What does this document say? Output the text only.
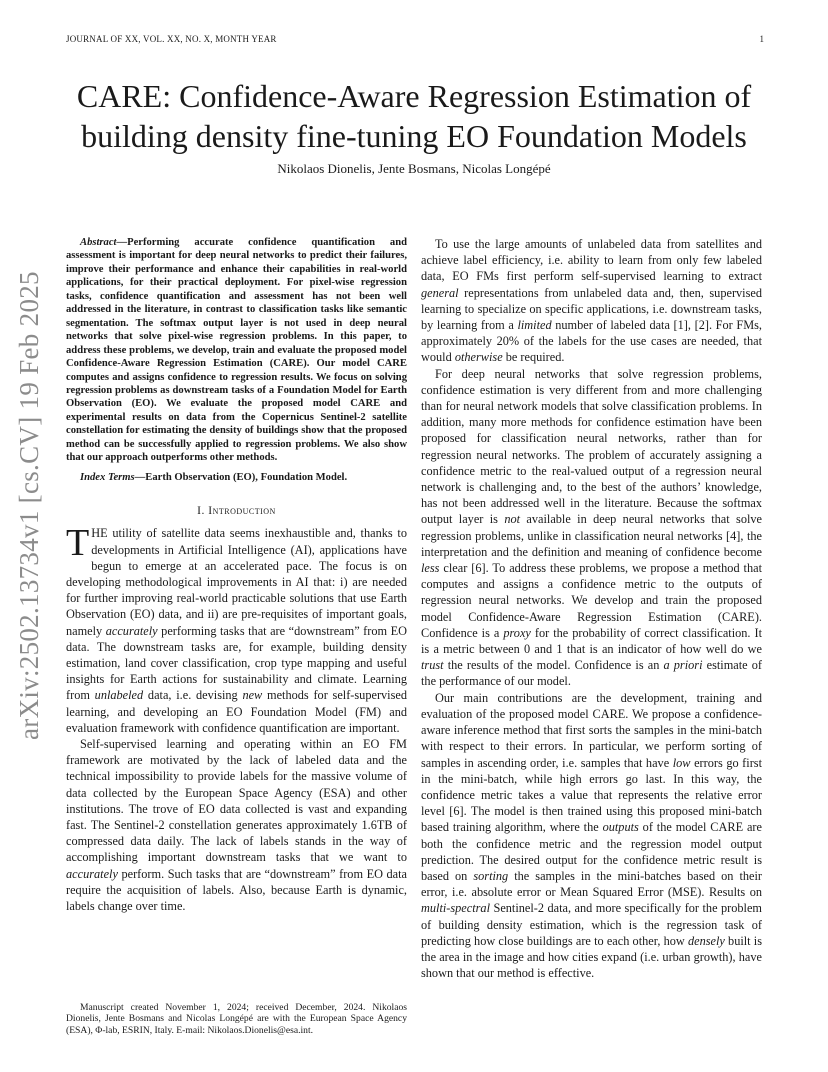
JOURNAL OF XX, VOL. XX, NO. X, MONTH YEAR	1
arXiv:2502.13734v1 [cs.CV] 19 Feb 2025
CARE: Confidence-Aware Regression Estimation of building density fine-tuning EO Foundation Models
Nikolaos Dionelis, Jente Bosmans, Nicolas Longépé

Abstract—Performing accurate confidence quantification and assessment is important for deep neural networks to predict their failures, improve their performance and enhance their capabilities in real-world applications, for their practical deployment. For pixel-wise regression tasks, confidence quantification and assessment has not been well addressed in the literature, in contrast to classification tasks like semantic segmentation. The softmax output layer is not used in deep neural networks that solve pixel-wise regression problems. In this paper, to address these problems, we develop, train and evaluate the proposed model Confidence-Aware Regression Estimation (CARE). Our model CARE computes and assigns confidence to regression results. We focus on solving regression problems as downstream tasks of a Foundation Model for Earth Observation (EO). We evaluate the proposed model CARE and experimental results on data from the Copernicus Sentinel-2 satellite constellation for estimating the density of buildings show that the proposed method can be successfully applied to regression problems. We also show that our approach outperforms other methods.

Index Terms—Earth Observation (EO), Foundation Model.

I. Introduction

T HE utility of satellite data seems inexhaustible and, thanks to developments in Artificial Intelligence (AI), applications have begun to emerge at an accelerated pace. The focus is on developing methodological improvements in AI that: i) are needed for further improving real-world practicable solutions that use Earth Observation (EO) data, and ii) are pre-requisites of important goals, namely accurately performing tasks that are “downstream” from EO data. The downstream tasks are, for example, building density estimation, land cover classification, crop type mapping and useful insights for Earth actions for sustainability and climate. Learning from unlabeled data, i.e. devising new methods for self-supervised learning, and developing an EO Foundation Model (FM) and evaluation framework with confidence quantification are important.

Self-supervised learning and operating within an EO FM framework are motivated by the lack of labeled data and the technical impossibility to provide labels for the massive volume of data collected by the European Space Agency (ESA) and other institutions. The trove of EO data collected is vast and expanding fast. The Sentinel-2 constellation generates approximately 1.6TB of compressed data daily. The lack of labels stands in the way of accomplishing important downstream tasks that we want to accurately perform. Such tasks that are “downstream” from EO data require the acquisition of labels. Also, because Earth is dynamic, labels change over time.

Manuscript created November 1, 2024; received December, 2024. Nikolaos Dionelis, Jente Bosmans and Nicolas Longépé are with the European Space Agency (ESA), Φ-lab, ESRIN, Italy. E-mail: Nikolaos.Dionelis@esa.int.

To use the large amounts of unlabeled data from satellites and achieve label efficiency, i.e. ability to learn from only few labeled data, EO FMs first perform self-supervised learning to extract general representations from unlabeled data and, then, supervised learning to specialize on specific applications, i.e. downstream tasks, by learning from a limited number of labeled data [1], [2]. For FMs, approximately 20% of the labels for the use cases are needed, that would otherwise be required.

For deep neural networks that solve regression problems, confidence estimation is very different from and more challenging than for neural network models that solve classification problems. In addition, many more methods for confidence estimation have been proposed for classification neural networks, rather than for regression neural networks. The problem of accurately assigning a confidence metric to the real-valued output of a regression neural network is challenging and, to the best of the authors’ knowledge, has not been addressed well in the literature. Because the softmax output layer is not available in deep neural networks that solve regression problems, unlike in classification neural networks [4], the interpretation and the definition and meaning of confidence become less clear [6]. To address these problems, we propose a method that computes and assigns a confidence metric to the outputs of regression neural networks. We develop and train the proposed model Confidence-Aware Regression Estimation (CARE). Confidence is a proxy for the probability of correct classification. It is a metric between 0 and 1 that is an indicator of how well do we trust the results of the model. Confidence is an a priori estimate of the performance of our model.

Our main contributions are the development, training and evaluation of the proposed model CARE. We propose a confidence-aware inference method that first sorts the samples in the mini-batch with respect to their errors. In particular, we perform sorting of samples in ascending order, i.e. samples that have low errors go first in the mini-batch, while high errors go last. In this way, the confidence metric takes a value that represents the relative error level [6]. The model is then trained using this proposed mini-batch based training algorithm, where the outputs of the model CARE are both the confidence metric and the regression model output prediction. The desired output for the confidence metric result is based on sorting the samples in the mini-batches based on their error, i.e. absolute error or Mean Squared Error (MSE). Results on multi-spectral Sentinel-2 data, and more specifically for the problem of building density estimation, which is the regression task of predicting how close buildings are to each other, how densely built is the area in the image and how cities expand (i.e. urban growth), have shown that our method is effective.
